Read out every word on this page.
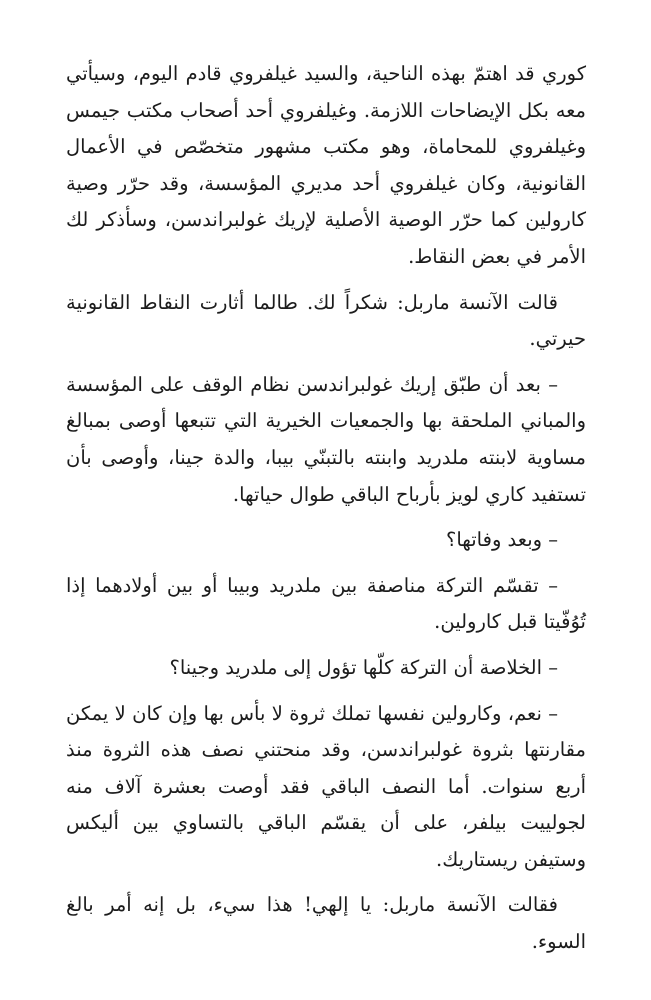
كوري قد اهتمّ بهذه الناحية، والسيد غيلفروي قادم اليوم، وسيأتي معه بكل الإيضاحات اللازمة. وغيلفروي أحد أصحاب مكتب جيمس وغيلفروي للمحاماة، وهو مكتب مشهور متخصّص في الأعمال القانونية، وكان غيلفروي أحد مديري المؤسسة، وقد حرّر وصية كارولين كما حرّر الوصية الأصلية لإريك غولبراندسن، وسأذكر لك الأمر في بعض النقاط.

قالت الآنسة ماربل: شكراً لك. طالما أثارت النقاط القانونية حيرتي.

– بعد أن طبّق إريك غولبراندسن نظام الوقف على المؤسسة والمباني الملحقة بها والجمعيات الخيرية التي تتبعها أوصى بمبالغ مساوية لابنته ملدريد وابنته بالتبنّي بيبا، والدة جينا، وأوصى بأن تستفيد كاري لويز بأرباح الباقي طوال حياتها.

– وبعد وفاتها؟

– تقسّم التركة مناصفة بين ملدريد وبيبا أو بين أولادهما إذا تُوُفّيتا قبل كارولين.

– الخلاصة أن التركة كلّها تؤول إلى ملدريد وجينا؟

– نعم، وكارولين نفسها تملك ثروة لا بأس بها وإن كان لا يمكن مقارنتها بثروة غولبراندسن، وقد منحتني نصف هذه الثروة منذ أربع سنوات. أما النصف الباقي فقد أوصت بعشرة آلاف منه لجولييت بيلفر، على أن يقسّم الباقي بالتساوي بين أليكس وستيفن ريستاريك.

فقالت الآنسة ماربل: يا إلهي! هذا سيء، بل إنه أمر بالغ السوء.
